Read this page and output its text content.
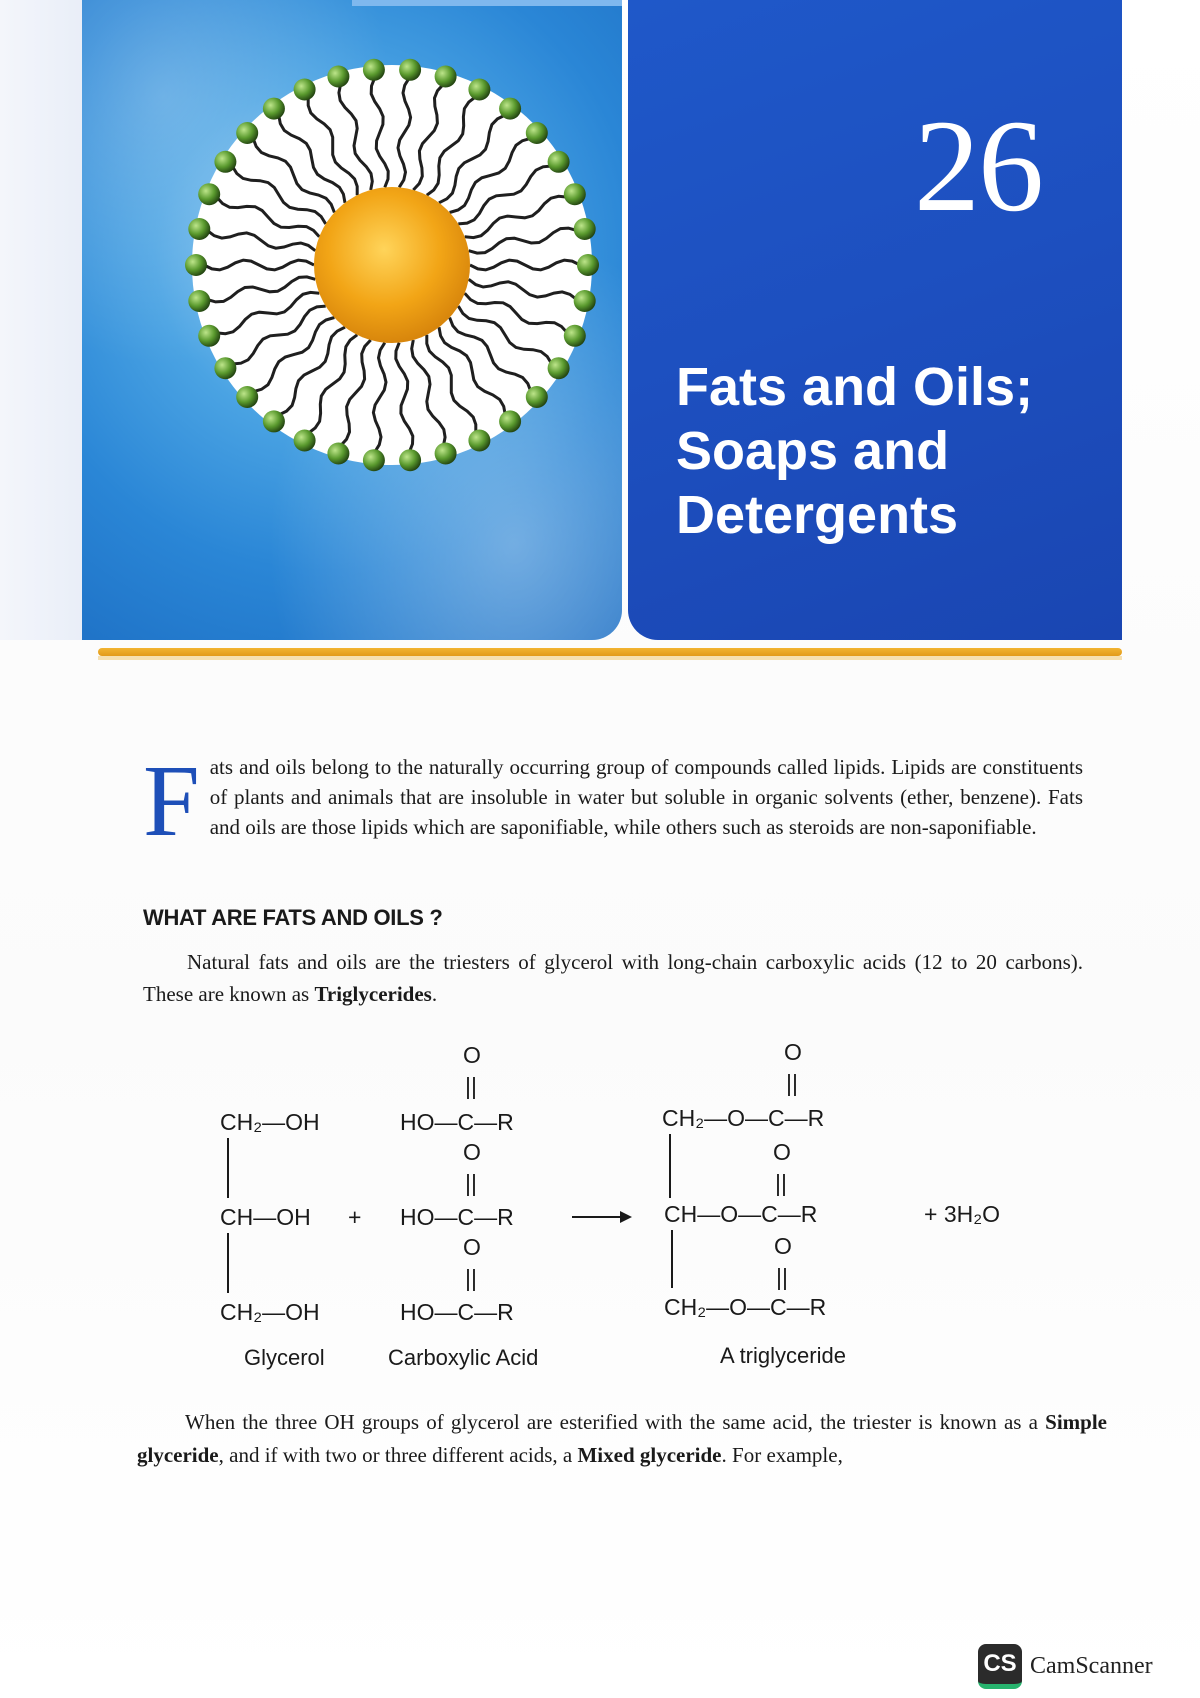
26
Fats and Oils;
Soaps and
Detergents

Fats and oils belong to the naturally occurring group of compounds called lipids. Lipids are constituents of plants and animals that are insoluble in water but soluble in organic solvents (ether, benzene). Fats and oils are those lipids which are saponifiable, while others such as steroids are non-saponifiable.

WHAT ARE FATS AND OILS ?

Natural fats and oils are the triesters of glycerol with long-chain carboxylic acids (12 to 20 carbons). These are known as Triglycerides.

CH₂—OH
CH—OH
CH₂—OH
+
O
||
HO—C—R
O
||
HO—C—R
O
||
HO—C—R
O
||
CH₂—O—C—R
O
||
CH—O—C—R
O
||
CH₂—O—C—R
+ 3H₂O
Glycerol	Carboxylic Acid	A triglyceride

When the three OH groups of glycerol are esterified with the same acid, the triester is known as a Simple glyceride, and if with two or three different acids, a Mixed glyceride. For example,

CS CamScanner
